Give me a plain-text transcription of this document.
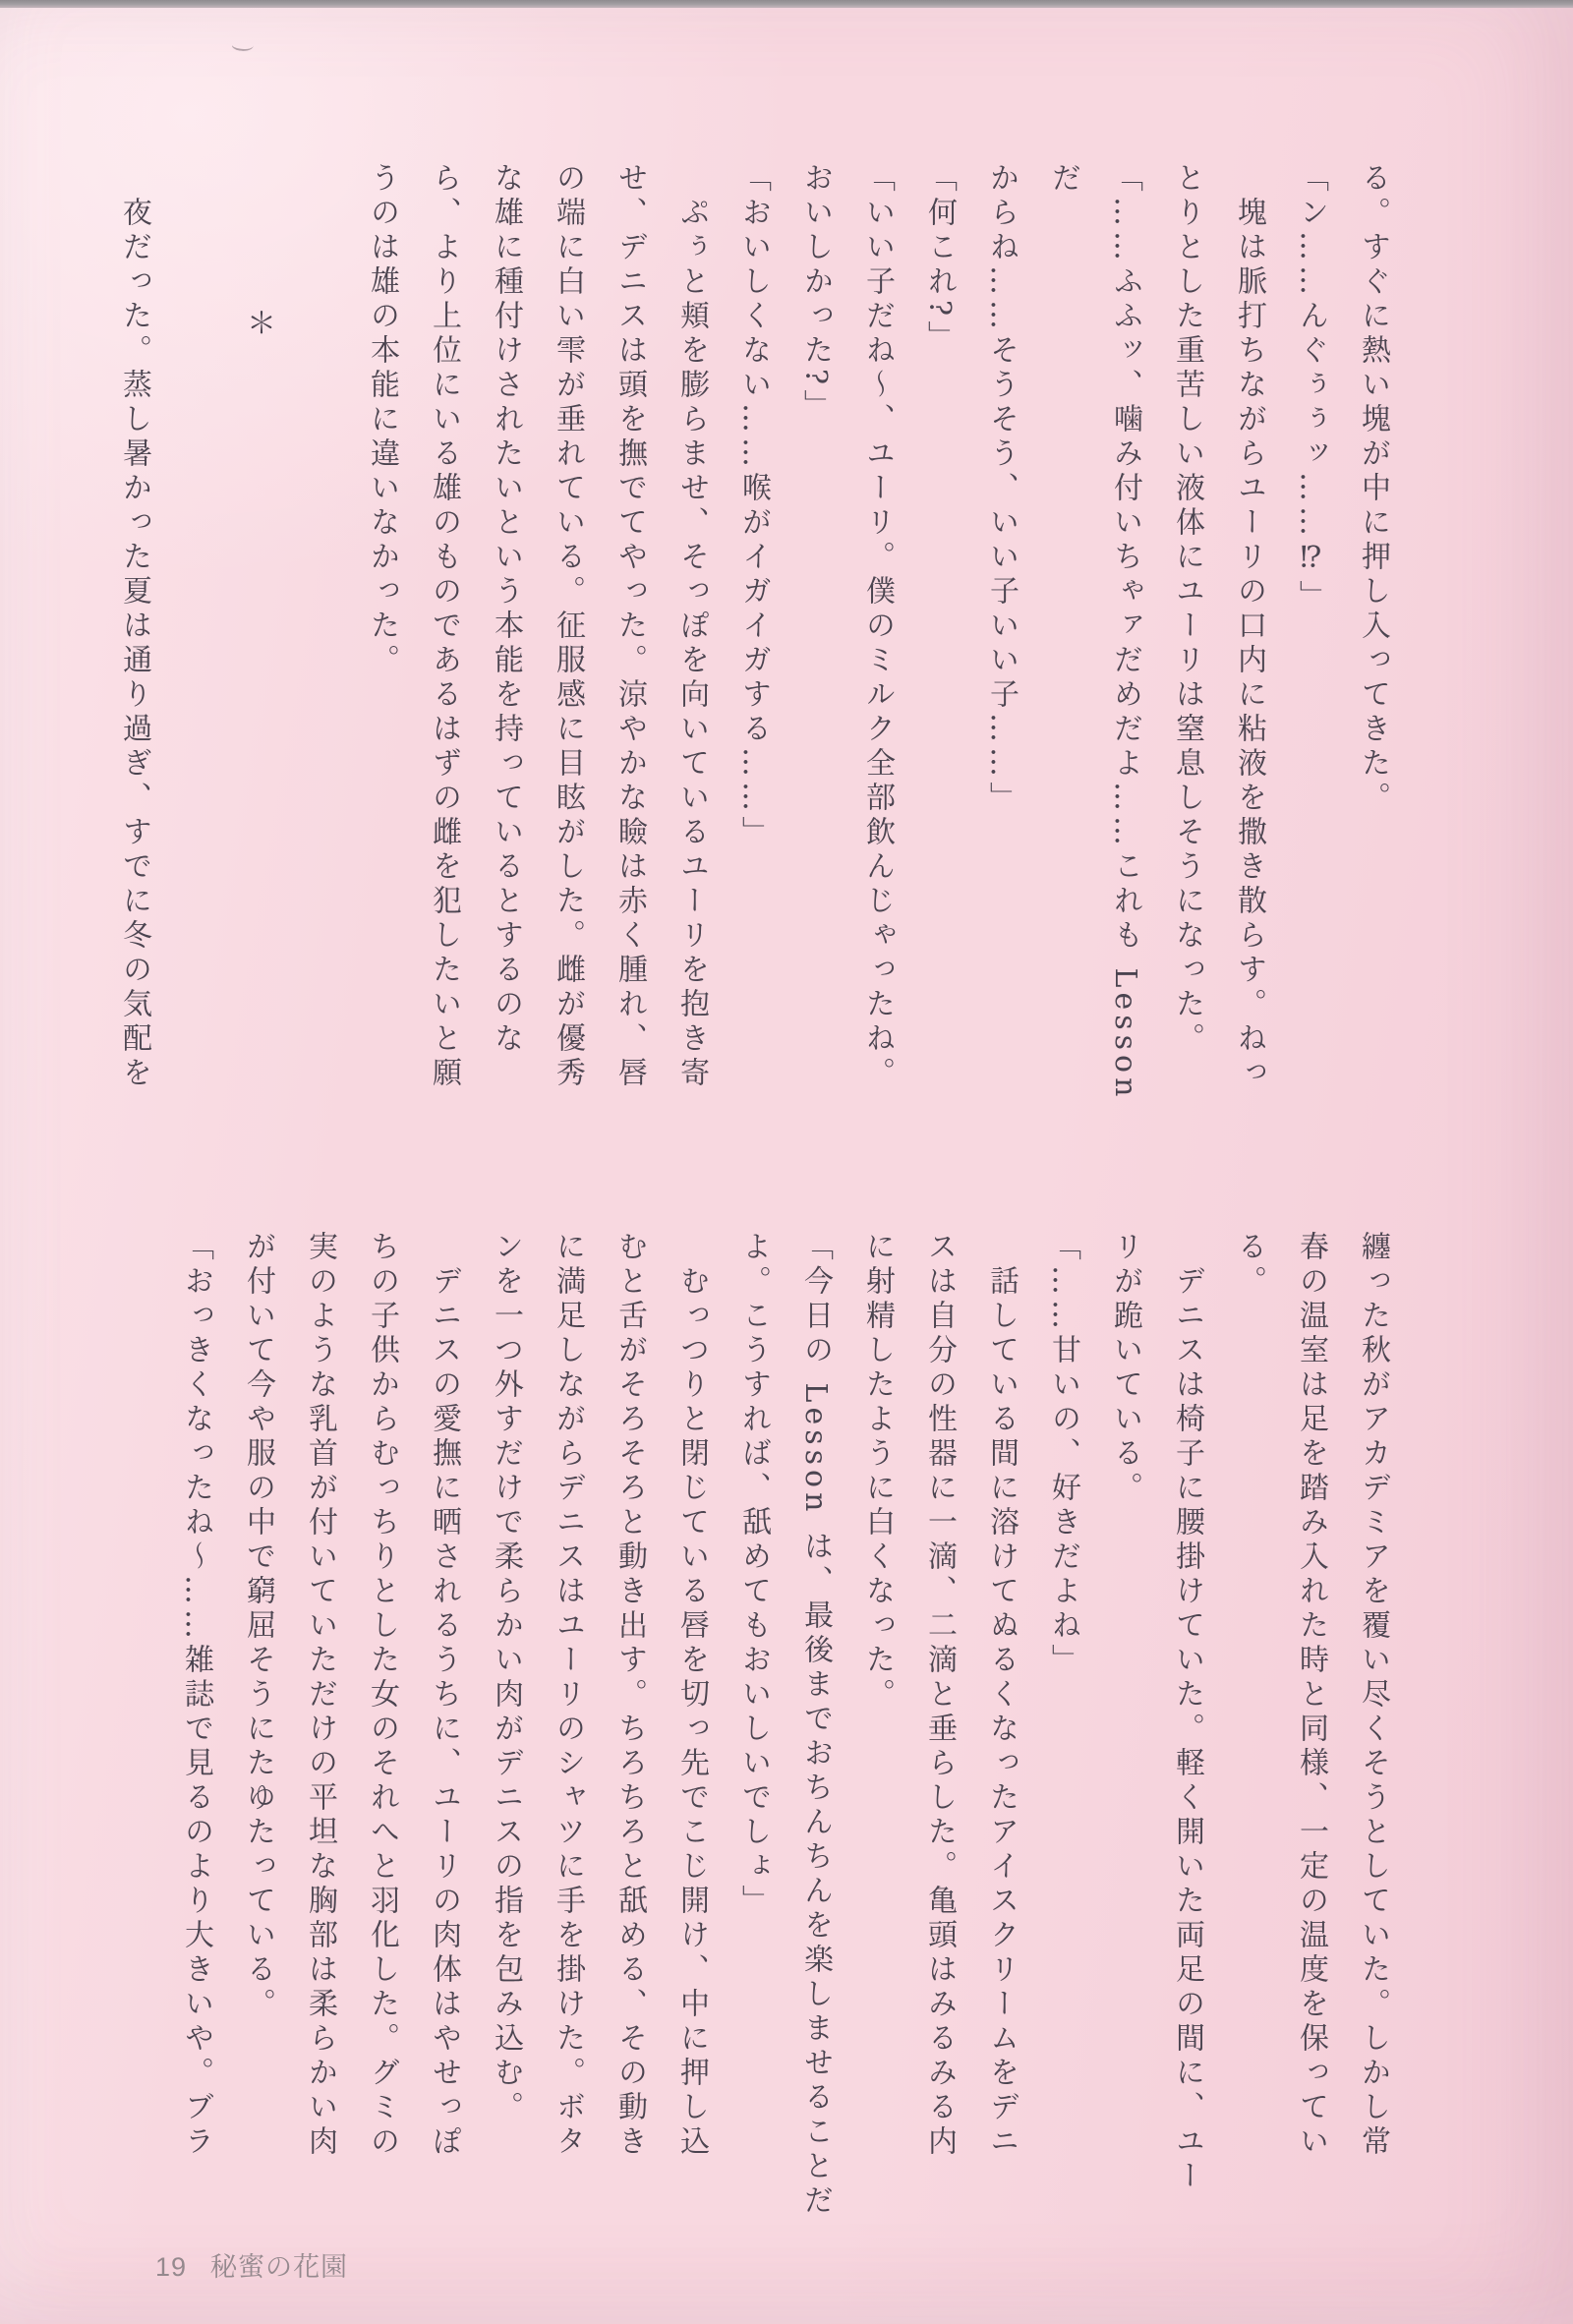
る。すぐに熱い塊が中に押し入ってきた。

「ン……んぐぅぅッ……⁉」

　塊は脈打ちながらユーリの口内に粘液を撒き散らす。ねっ

とりとした重苦しい液体にユーリは窒息しそうになった。

「……ふふッ、噛み付いちゃァだめだよ……これも Lesson だ

からね……そうそう、いい子いい子……」

「何これ?」

「いい子だね〜、ユーリ。僕のミルク全部飲んじゃったね。

おいしかった?」

「おいしくない……喉がイガイガする……」

　ぷぅと頬を膨らませ、そっぽを向いているユーリを抱き寄

せ、デニスは頭を撫でてやった。涼やかな瞼は赤く腫れ、唇

の端に白い雫が垂れている。征服感に目眩がした。雌が優秀

な雄に種付けされたいという本能を持っているとするのな

ら、より上位にいる雄のものであるはずの雌を犯したいと願

うのは雄の本能に違いなかった。

＊

　夜だった。蒸し暑かった夏は通り過ぎ、すでに冬の気配を

纏った秋がアカデミアを覆い尽くそうとしていた。しかし常

春の温室は足を踏み入れた時と同様、一定の温度を保ってい

る。

　デニスは椅子に腰掛けていた。軽く開いた両足の間に、ユー

リが跪いている。

「……甘いの、好きだよね」

　話している間に溶けてぬるくなったアイスクリームをデニ

スは自分の性器に一滴、二滴と垂らした。亀頭はみるみる内

に射精したように白くなった。

「今日の Lesson は、最後までおちんちんを楽しませることだ

よ。こうすれば、舐めてもおいしいでしょ」

　むっつりと閉じている唇を切っ先でこじ開け、中に押し込

むと舌がそろそろと動き出す。ちろちろと舐める、その動き

に満足しながらデニスはユーリのシャツに手を掛けた。ボタ

ンを一つ外すだけで柔らかい肉がデニスの指を包み込む。

　デニスの愛撫に晒されるうちに、ユーリの肉体はやせっぽ

ちの子供からむっちりとした女のそれへと羽化した。グミの

実のような乳首が付いていただけの平坦な胸部は柔らかい肉

が付いて今や服の中で窮屈そうにたゆたっている。

「おっきくなったね〜……雑誌で見るのより大きいや。ブラ

19 秘蜜の花園
